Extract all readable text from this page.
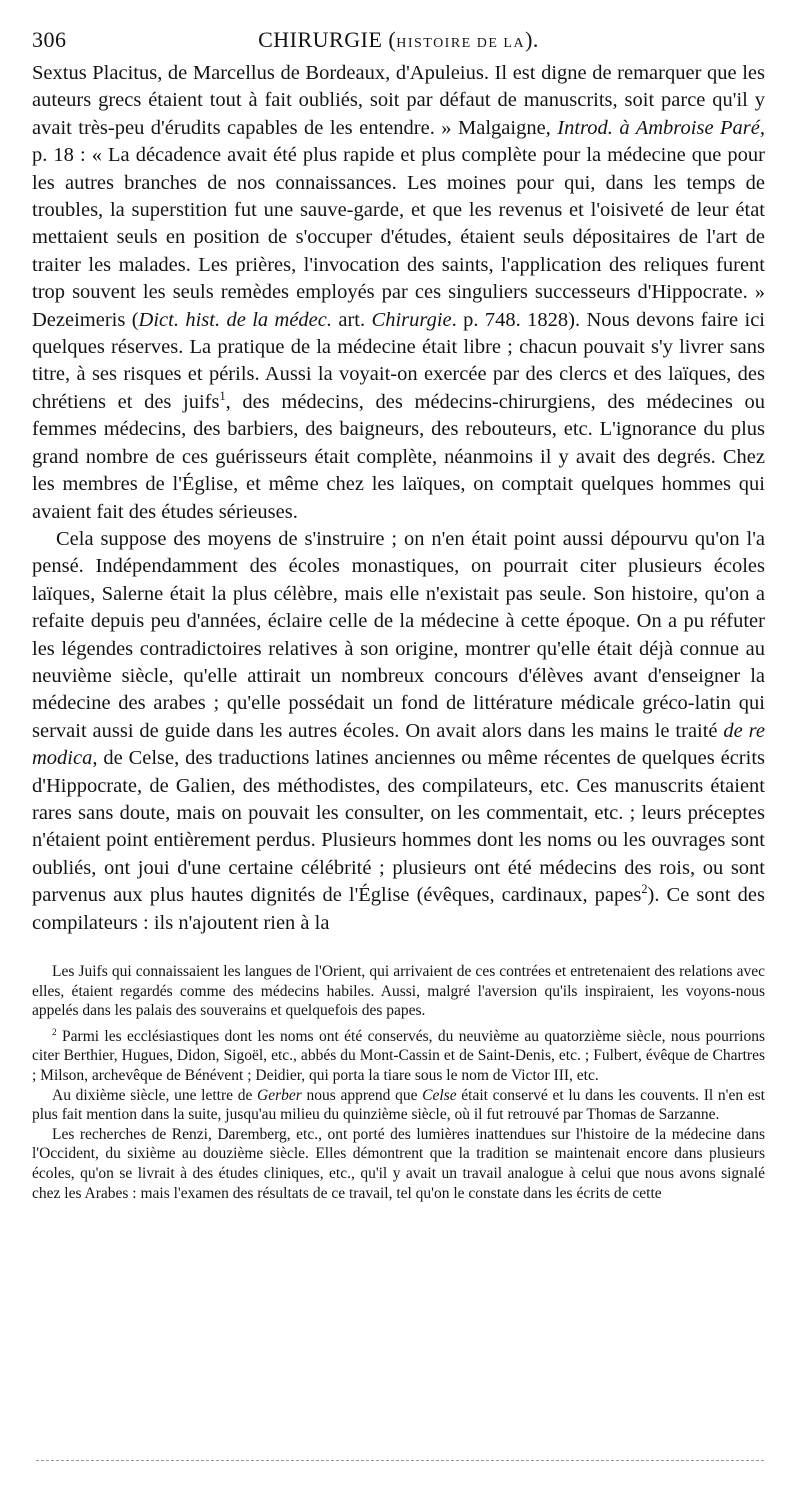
306	CHIRURGIE (HISTOIRE DE LA).

Sextus Placitus, de Marcellus de Bordeaux, d'Apuleius. Il est digne de remarquer que les auteurs grecs étaient tout à fait oubliés, soit par défaut de manuscrits, soit parce qu'il y avait très-peu d'érudits capables de les entendre. » Malgaigne, Introd. à Ambroise Paré, p. 18 : « La décadence avait été plus rapide et plus complète pour la médecine que pour les autres branches de nos connaissances. Les moines pour qui, dans les temps de troubles, la superstition fut une sauve-garde, et que les revenus et l'oisiveté de leur état mettaient seuls en position de s'occuper d'études, étaient seuls dépositaires de l'art de traiter les malades. Les prières, l'invocation des saints, l'application des reliques furent trop souvent les seuls remèdes employés par ces singuliers successeurs d'Hippocrate. » Dezeimeris (Dict. hist. de la médec. art. Chirurgie. p. 748. 1828). Nous devons faire ici quelques réserves. La pratique de la médecine était libre ; chacun pouvait s'y livrer sans titre, à ses risques et périls. Aussi la voyait-on exercée par des clercs et des laïques, des chrétiens et des juifs$^1$, des médecins, des médecins-chirurgiens, des médecines ou femmes médecins, des barbiers, des baigneurs, des rebouteurs, etc. L'ignorance du plus grand nombre de ces guérisseurs était complète, néanmoins il y avait des degrés. Chez les membres de l'Église, et même chez les laïques, on comptait quelques hommes qui avaient fait des études sérieuses.

Cela suppose des moyens de s'instruire ; on n'en était point aussi dépourvu qu'on l'a pensé. Indépendamment des écoles monastiques, on pourrait citer plusieurs écoles laïques, Salerne était la plus célèbre, mais elle n'existait pas seule. Son histoire, qu'on a refaite depuis peu d'années, éclaire celle de la médecine à cette époque. On a pu réfuter les légendes contradictoires relatives à son origine, montrer qu'elle était déjà connue au neuvième siècle, qu'elle attirait un nombreux concours d'élèves avant d'enseigner la médecine des arabes ; qu'elle possédait un fond de littérature médicale gréco-latin qui servait aussi de guide dans les autres écoles. On avait alors dans les mains le traité de re modica, de Celse, des traductions latines anciennes ou même récentes de quelques écrits d'Hippocrate, de Galien, des méthodistes, des compilateurs, etc. Ces manuscrits étaient rares sans doute, mais on pouvait les consulter, on les commentait, etc. ; leurs préceptes n'étaient point entièrement perdus. Plusieurs hommes dont les noms ou les ouvrages sont oubliés, ont joui d'une certaine célébrité ; plusieurs ont été médecins des rois, ou sont parvenus aux plus hautes dignités de l'Église (évêques, cardinaux, papes$^2$). Ce sont des compilateurs : ils n'ajoutent rien à la

Les Juifs qui connaissaient les langues de l'Orient, qui arrivaient de ces contrées et entretenaient des relations avec elles, étaient regardés comme des médecins habiles. Aussi, malgré l'aversion qu'ils inspiraient, les voyons-nous appelés dans les palais des souverains et quelquefois des papes.

$^2$ Parmi les ecclésiastiques dont les noms ont été conservés, du neuvième au quatorzième siècle, nous pourrions citer Berthier, Hugues, Didon, Sigoël, etc., abbés du Mont-Cassin et de Saint-Denis, etc. ; Fulbert, évêque de Chartres ; Milson, archevêque de Bénévent ; Deidier, qui porta la tiare sous le nom de Victor III, etc.

Au dixième siècle, une lettre de Gerber nous apprend que Celse était conservé et lu dans les couvents. Il n'en est plus fait mention dans la suite, jusqu'au milieu du quinzième siècle, où il fut retrouvé par Thomas de Sarzanne.

Les recherches de Renzi, Daremberg, etc., ont porté des lumières inattendues sur l'histoire de la médecine dans l'Occident, du sixième au douzième siècle. Elles démontrent que la tradition se maintenait encore dans plusieurs écoles, qu'on se livrait à des études cliniques, etc., qu'il y avait un travail analogue à celui que nous avons signalé chez les Arabes : mais l'examen des résultats de ce travail, tel qu'on le constate dans les écrits de cette
